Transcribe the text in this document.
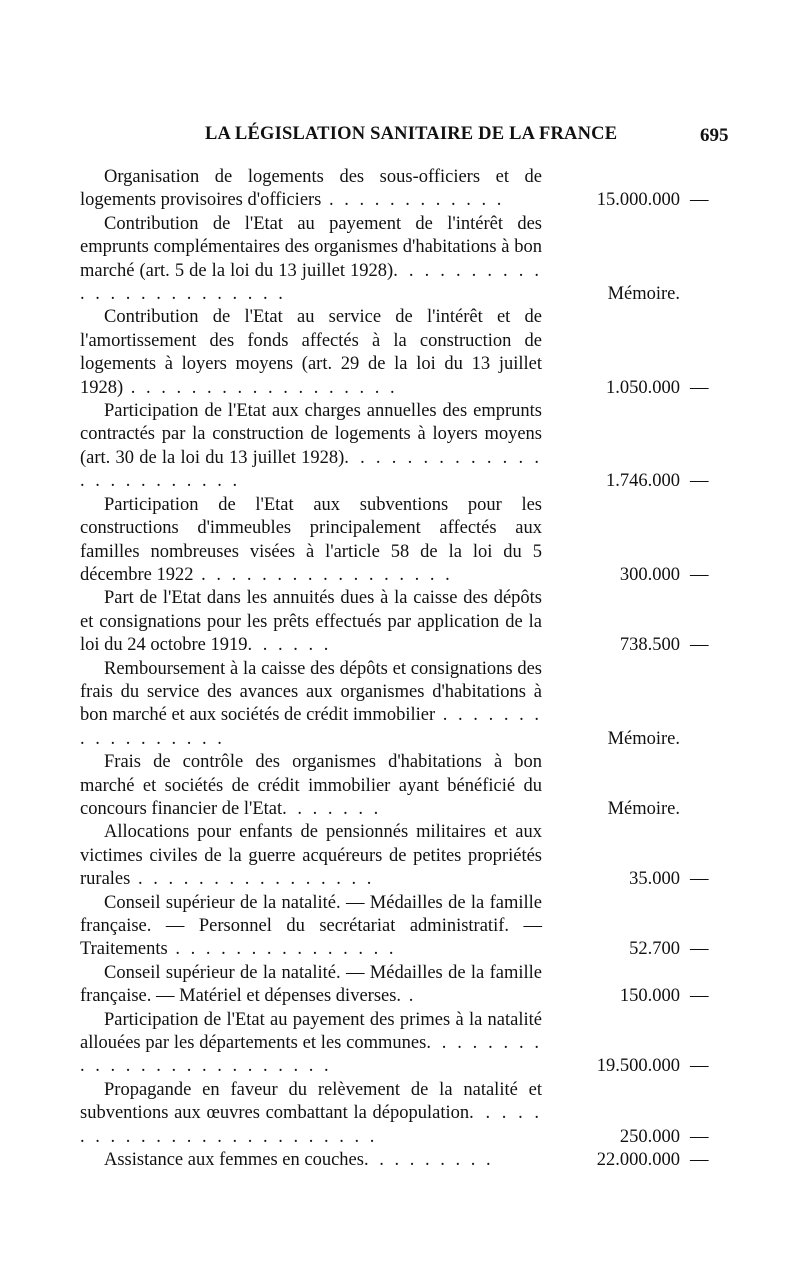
LA LÉGISLATION SANITAIRE DE LA FRANCE	695
Organisation de logements des sous-officiers et de logements provisoires d'officiers . . . . . . . . . . . .	15.000.000 —
Contribution de l'Etat au payement de l'intérêt des emprunts complémentaires des organismes d'habitations à bon marché (art. 5 de la loi du 13 juillet 1928). . . . . . . . . . . . . . . . . . . . . . . .	Mémoire.
Contribution de l'Etat au service de l'intérêt et de l'amortissement des fonds affectés à la construction de logements à loyers moyens (art. 29 de la loi du 13 juillet 1928) . . . . . . . . . . . . . . . . . .	1.050.000 —
Participation de l'Etat aux charges annuelles des emprunts contractés par la construction de logements à loyers moyens (art. 30 de la loi du 13 juillet 1928). . . . . . . . . . . . . . . . . . . . . . . .	1.746.000 —
Participation de l'Etat aux subventions pour les constructions d'immeubles principalement affectés aux familles nombreuses visées à l'article 58 de la loi du 5 décembre 1922 . . . . . . . . . . . . . . . . .	300.000 —
Part de l'Etat dans les annuités dues à la caisse des dépôts et consignations pour les prêts effectués par application de la loi du 24 octobre 1919. . . . . .	738.500 —
Remboursement à la caisse des dépôts et consignations des frais du service des avances aux organismes d'habitations à bon marché et aux sociétés de crédit immobilier . . . . . . . . . . . . . . . . .	Mémoire.
Frais de contrôle des organismes d'habitations à bon marché et sociétés de crédit immobilier ayant bénéficié du concours financier de l'Etat. . . . . . .	Mémoire.
Allocations pour enfants de pensionnés militaires et aux victimes civiles de la guerre acquéreurs de petites propriétés rurales . . . . . . . . . . . . . . . .	35.000 —
Conseil supérieur de la natalité. — Médailles de la famille française. — Personnel du secrétariat administratif. — Traitements . . . . . . . . . . . . . . .	52.700 —
Conseil supérieur de la natalité. — Médailles de la famille française. — Matériel et dépenses diverses. .	150.000 —
Participation de l'Etat au payement des primes à la natalité allouées par les départements et les communes. . . . . . . . . . . . . . . . . . . . . . . . .	19.500.000 —
Propagande en faveur du relèvement de la natalité et subventions aux œuvres combattant la dépopulation. . . . . . . . . . . . . . . . . . . . . . . . .	250.000 —
Assistance aux femmes en couches. . . . . . . . .	22.000.000 —
